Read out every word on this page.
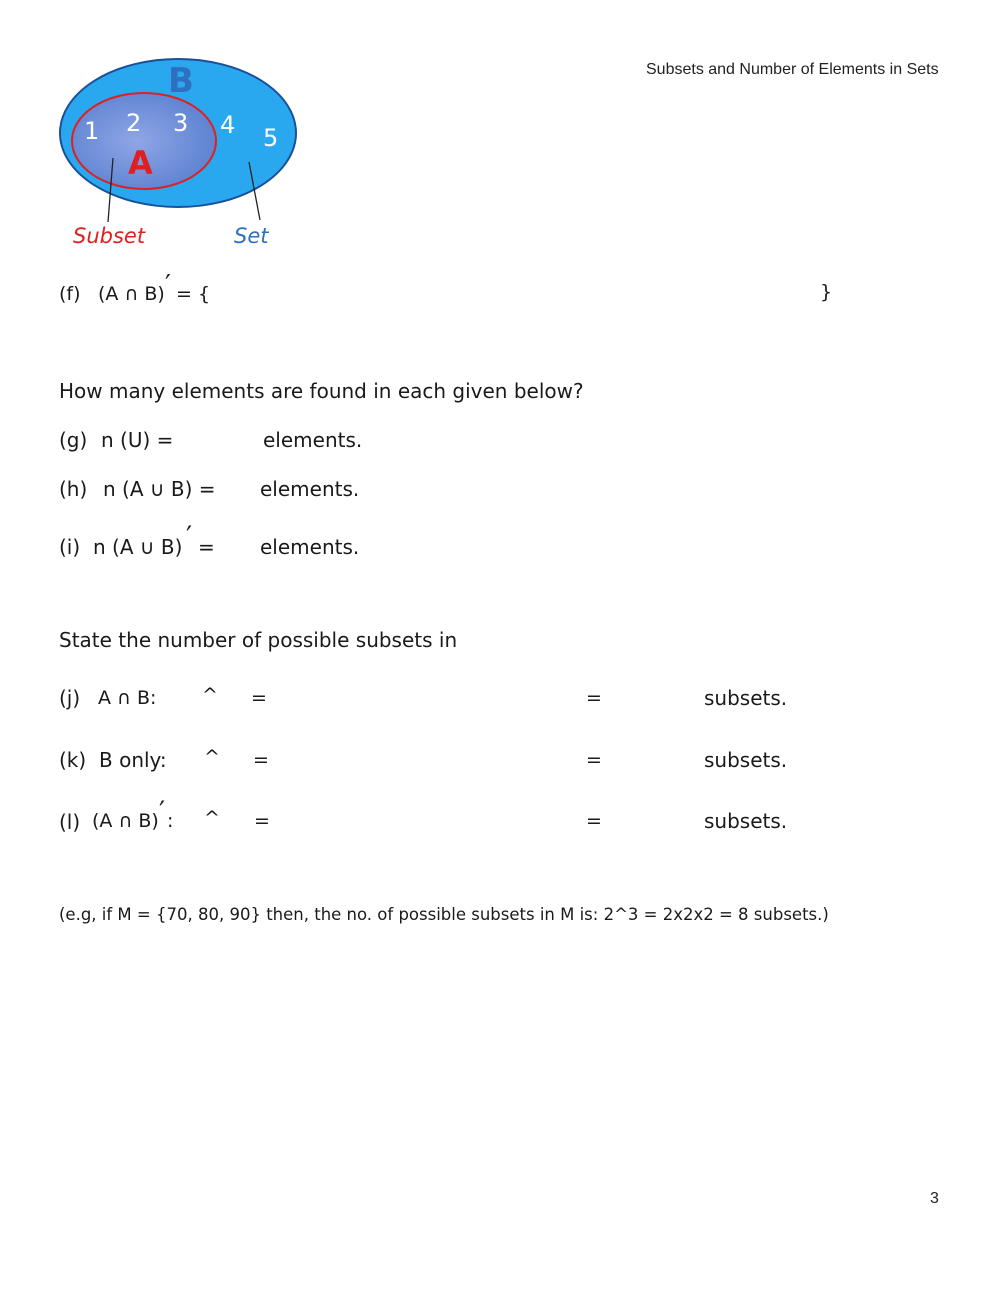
Subsets and Number of Elements in Sets
B
A
1 2 3 4 5
Subset	Set
(f) (A ∩ B) ′ = {	}
How many elements are found in each given below?
(g) n (U) =	elements.
(h) n (A ∪ B) = elements.
(i) n (A ∪ B) ′ = elements.
State the number of possible subsets in
(j) A ∩ B: ^ =	=	subsets.
(k) B only: ^ =	=	subsets.
(l) (A ∩ B) ′ : ^ =	=	subsets.
(e.g, if M = {70, 80, 90} then, the no. of possible subsets in M is: 2^3 = 2x2x2 = 8 subsets.)
3
